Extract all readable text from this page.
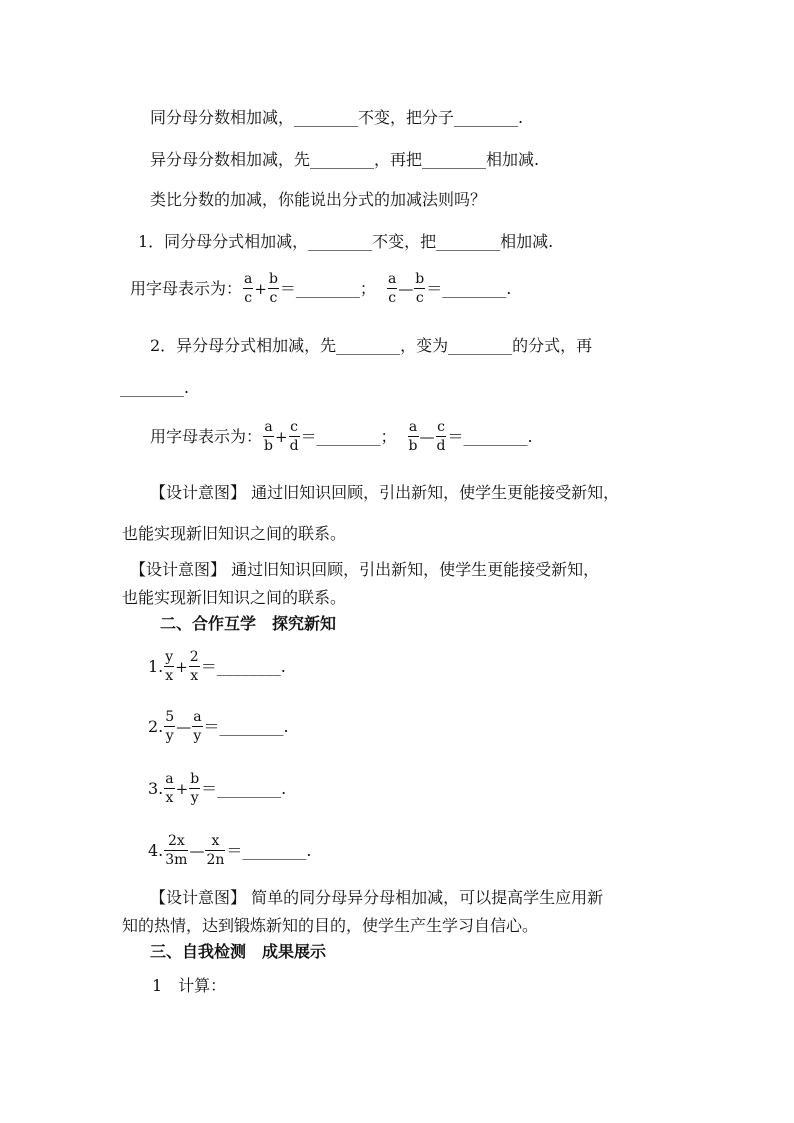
同分母分数相加减，________不变，把分子________.
异分母分数相加减，先________，再把________相加减.
类比分数的加减，你能说出分式的加减法则吗？
1．同分母分式相加减，________不变，把________相加减.
用字母表示为： $\frac{a}{c} + \frac{b}{c}$ ＝________； $\frac{a}{c}$ — $\frac{b}{c}$ ＝________.
2．异分母分式相加减，先________，变为________的分式，再
________.
用字母表示为： $\frac{a}{b} + \frac{c}{d}$ ＝________； $\frac{a}{b}$ — $\frac{c}{d}$ ＝________.
【设计意图】 通过旧知识回顾，引出新知，使学生更能接受新知，
也能实现新旧知识之间的联系。
【设计意图】 通过旧知识回顾，引出新知，使学生更能接受新知，
也能实现新旧知识之间的联系。
二、合作互学　探究新知
1. $\frac{y}{x} + \frac{2}{x}$ ＝________.
2. $\frac{5}{y}$ — $\frac{a}{y}$ ＝________.
3. $\frac{a}{x} + \frac{b}{y}$ ＝________.
4. $\frac{2x}{3m}$ — $\frac{x}{2n}$ ＝________.
【设计意图】 简单的同分母异分母相加减，可以提高学生应用新
知的热情，达到锻炼新知的目的，使学生产生学习自信心。
三、自我检测　成果展示
1　计算：
